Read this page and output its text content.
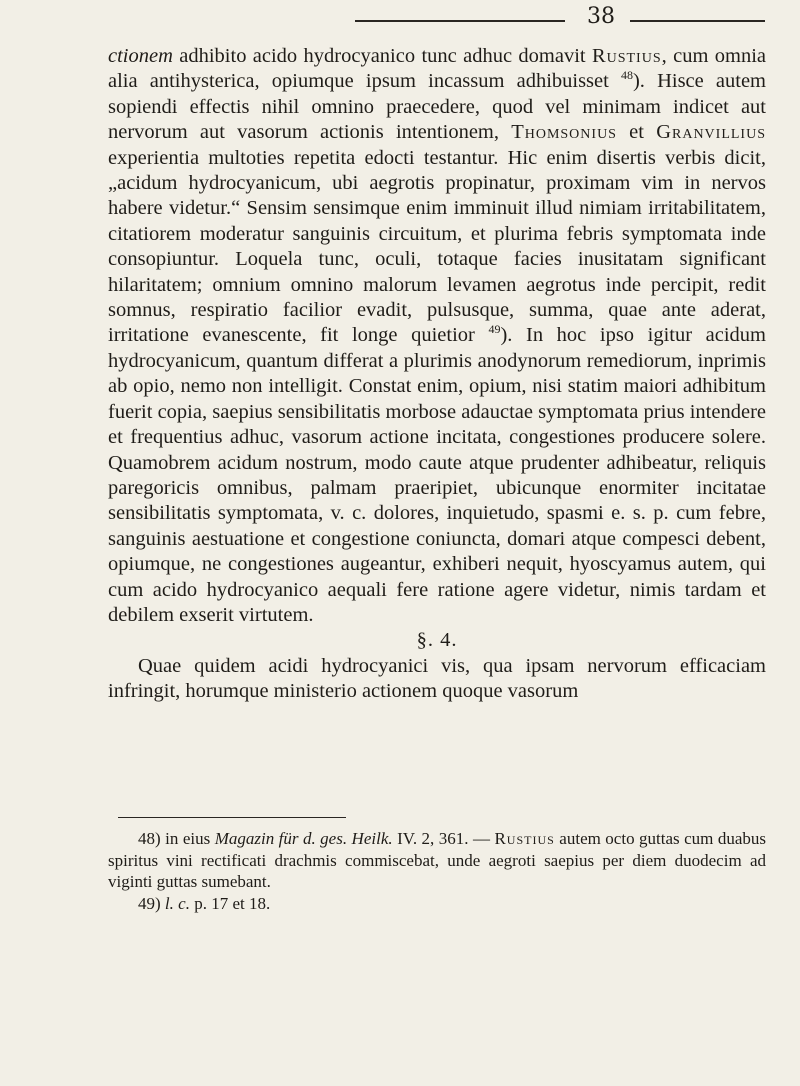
38

ctionem adhibito acido hydrocyanico tunc adhuc domavit Rustius, cum omnia alia antihysterica, opiumque ipsum incassum adhibuisset $^{48}$). Hisce autem sopiendi effectis nihil omnino praecedere, quod vel minimam indicet aut nervorum aut vasorum actionis intentionem, Thomsonius et Granvillius experientia multoties repetita edocti testantur. Hic enim disertis verbis dicit, „acidum hydrocyanicum, ubi aegrotis propinatur, proximam vim in nervos habere videtur.“ Sensim sensimque enim imminuit illud nimiam irritabilitatem, citatiorem moderatur sanguinis circuitum, et plurima febris symptomata inde consopiuntur. Loquela tunc, oculi, totaque facies inusitatam significant hilaritatem; omnium omnino malorum levamen aegrotus inde percipit, redit somnus, respiratio facilior evadit, pulsusque, summa, quae ante aderat, irritatione evanescente, fit longe quietior $^{49}$). In hoc ipso igitur acidum hydrocyanicum, quantum differat a plurimis anodynorum remediorum, inprimis ab opio, nemo non intelligit. Constat enim, opium, nisi statim maiori adhibitum fuerit copia, saepius sensibilitatis morbose adauctae symptomata prius intendere et frequentius adhuc, vasorum actione incitata, congestiones producere solere. Quamobrem acidum nostrum, modo caute atque prudenter adhibeatur, reliquis paregoricis omnibus, palmam praeripiet, ubicunque enormiter incitatae sensibilitatis symptomata, v. c. dolores, inquietudo, spasmi e. s. p. cum febre, sanguinis aestuatione et congestione coniuncta, domari atque compesci debent, opiumque, ne congestiones augeantur, exhiberi nequit, hyoscyamus autem, qui cum acido hydrocyanico aequali fere ratione agere videtur, nimis tardam et debilem exserit virtutem.

§. 4.

Quae quidem acidi hydrocyanici vis, qua ipsam nervorum efficaciam infringit, horumque ministerio actionem quoque vasorum

48) in eius Magazin für d. ges. Heilk. IV. 2, 361. — Rustius autem octo guttas cum duabus spiritus vini rectificati drachmis commiscebat, unde aegroti saepius per diem duodecim ad viginti guttas sumebant.

49) l. c. p. 17 et 18.
